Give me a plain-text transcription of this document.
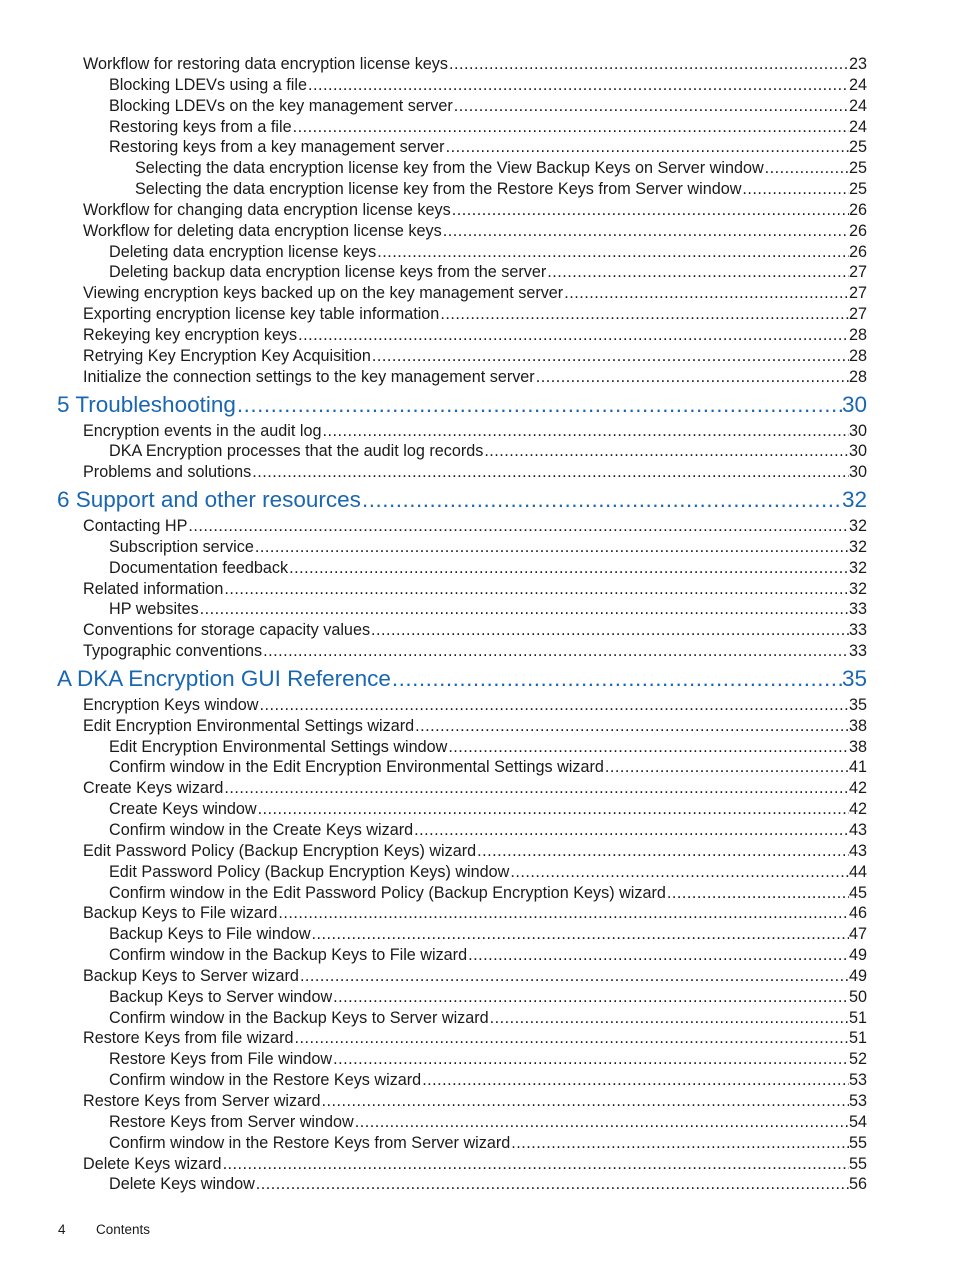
Workflow for restoring data encryption license keys .....	23
Blocking LDEVs using a file .....	24
Blocking LDEVs on the key management server .....	24
Restoring keys from a file .....	24
Restoring keys from a key management server .....	25
Selecting the data encryption license key from the View Backup Keys on Server window .....	25
Selecting the data encryption license key from the Restore Keys from Server window .....	25
Workflow for changing data encryption license keys .....	26
Workflow for deleting data encryption license keys .....	26
Deleting data encryption license keys .....	26
Deleting backup data encryption license keys from the server .....	27
Viewing encryption keys backed up on the key management server .....	27
Exporting encryption license key table information .....	27
Rekeying key encryption keys .....	28
Retrying Key Encryption Key Acquisition .....	28
Initialize the connection settings to the key management server .....	28
5 Troubleshooting .....	30
Encryption events in the audit log .....	30
DKA Encryption processes that the audit log records .....	30
Problems and solutions .....	30
6 Support and other resources .....	32
Contacting HP .....	32
Subscription service .....	32
Documentation feedback .....	32
Related information .....	32
HP websites .....	33
Conventions for storage capacity values .....	33
Typographic conventions .....	33
A DKA Encryption GUI Reference .....	35
Encryption Keys window .....	35
Edit Encryption Environmental Settings wizard .....	38
Edit Encryption Environmental Settings window .....	38
Confirm window in the Edit Encryption Environmental Settings wizard .....	41
Create Keys wizard .....	42
Create Keys window .....	42
Confirm window in the Create Keys wizard .....	43
Edit Password Policy (Backup Encryption Keys) wizard .....	43
Edit Password Policy (Backup Encryption Keys) window .....	44
Confirm window in the Edit Password Policy (Backup Encryption Keys) wizard .....	45
Backup Keys to File wizard .....	46
Backup Keys to File window .....	47
Confirm window in the Backup Keys to File wizard .....	49
Backup Keys to Server wizard .....	49
Backup Keys to Server window .....	50
Confirm window in the Backup Keys to Server wizard .....	51
Restore Keys from file wizard .....	51
Restore Keys from File window .....	52
Confirm window in the Restore Keys wizard .....	53
Restore Keys from Server wizard .....	53
Restore Keys from Server window .....	54
Confirm window in the Restore Keys from Server wizard .....	55
Delete Keys wizard .....	55
Delete Keys window .....	56
4 Contents
